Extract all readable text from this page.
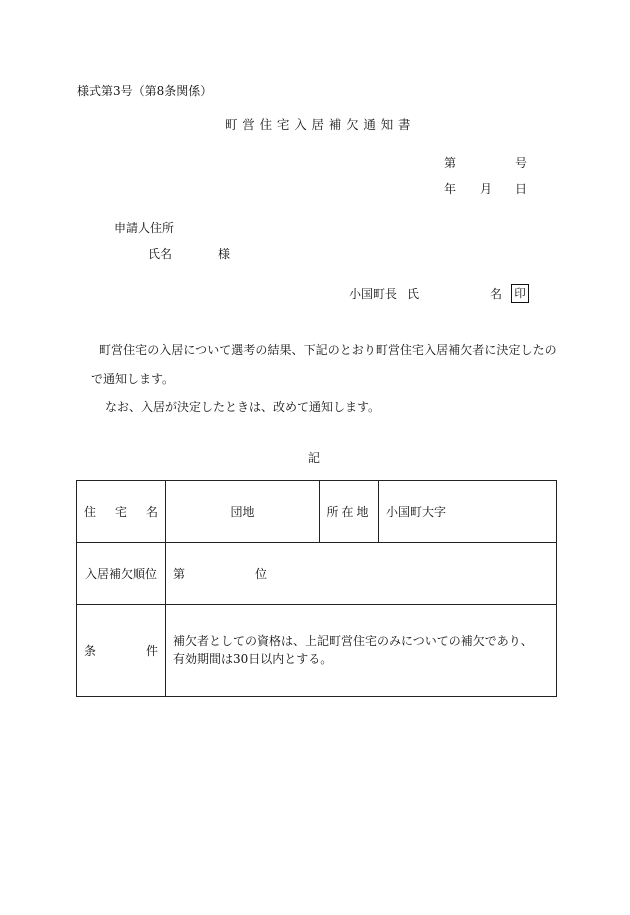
様式第3号（第8条関係）
町営住宅入居補欠通知書
第	号
年 月 日
申請人住所
氏名	様
小国町長 氏	名 印
町営住宅の入居について選考の結果、下記のとおり町営住宅入居補欠者に決定したの
で通知します。
なお、入居が決定したときは、改めて通知します。
記
住 宅 名	団地	所在地	小国町大字
入居補欠順位	第 位		

条 件	補欠者としての資格は、上記町営住宅のみについての補欠であり、有効期間は30日以内とする。		
